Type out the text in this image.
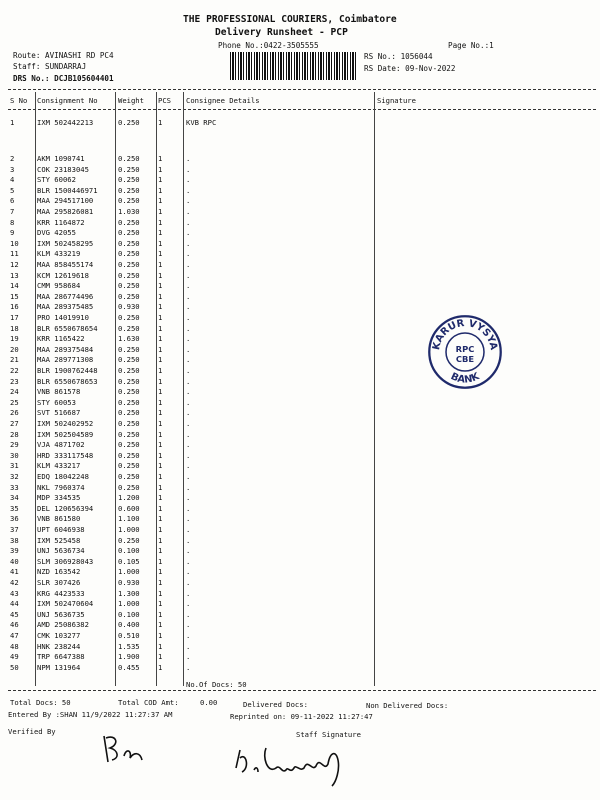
THE PROFESSIONAL COURIERS, Coimbatore
Delivery Runsheet - PCP
Phone No.:0422-3505555	Page No.:1
Route: AVINASHI RD PC4
Staff: SUNDARRAJ
DRS No.: DCJB105604401
RS No.: 1056044
RS Date: 09-Nov-2022
S No Consignment No	Weight PCS Consignee Details	Signature
1	IXM 502442213	0.250	1	KVB RPC
2	AKM 1090741	0.250	1	.
3	COK 23183045	0.250	1	.
4	STY 60062	0.250	1	.
5	BLR 1500446971	0.250	1	.
6	MAA 294517100	0.250	1	.
7	MAA 295826081	1.030	1	.
8	KRR 1164872	0.250	1	.
9	DVG 42055	0.250	1	.
10	IXM 502458295	0.250	1	.
11	KLM 433219	0.250	1	.
12	MAA 858455174	0.250	1	.
13	KCM 12619618	0.250	1	.
14	CMM 958684	0.250	1	.
15	MAA 286774496	0.250	1	.
16	MAA 289375485	0.930	1	.
17	PRO 14019910	0.250	1	.
18	BLR 6550678654	0.250	1	.
19	KRR 1165422	1.630	1	.
20	MAA 289375484	0.250	1	.
21	MAA 289771308	0.250	1	.
22	BLR 1900762448	0.250	1	.
23	BLR 6550678653	0.250	1	.
24	VNB 861578	0.250	1	.
25	STY 60053	0.250	1	.
26	SVT 516687	0.250	1	.
27	IXM 502402952	0.250	1	.
28	IXM 502504589	0.250	1	.
29	VJA 4871702	0.250	1	.
30	HRD 333117548	0.250	1	.
31	KLM 433217	0.250	1	.
32	EDQ 18042248	0.250	1	.
33	NKL 7960374	0.250	1	.
34	MDP 334535	1.200	1	.
35	DEL 120656394	0.600	1	.
36	VNB 861580	1.100	1	.
37	UPT 6046938	1.000	1	.
38	IXM 525458	0.250	1	.
39	UNJ 5636734	0.100	1	.
40	SLM 306928043	0.105	1	.
41	NZD 163542	1.000	1	.
42	SLR 307426	0.930	1	.
43	KRG 4423533	1.300	1	.
44	IXM 502470604	1.000	1	.
45	UNJ 5636735	0.100	1	.
46	AMD 25086382	0.400	1	.
47	CMK 103277	0.510	1	.
48	HNK 238244	1.535	1	.
49	TRP 6647388	1.900	1	.
50	NPM 131964	0.455	1	.
No.Of Docs: 50
KARUR VYSYA
BANK
RPC
CBE
Total Docs: 50	Total COD Amt:	0.00	Delivered Docs:	Non Delivered Docs:
Entered By :SHAN 11/9/2022 11:27:37 AM	Reprinted on: 09-11-2022 11:27:47
Verified By	Staff Signature
